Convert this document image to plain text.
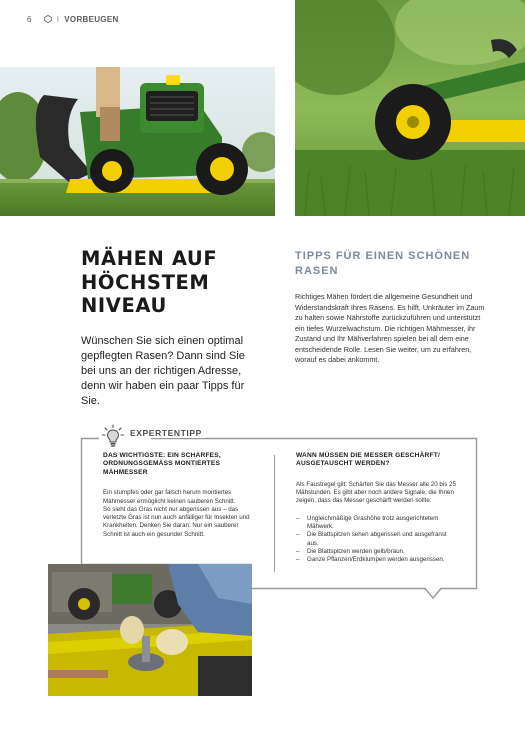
6	I VORBEUGEN
MÄHEN AUF
HÖCHSTEM
NIVEAU
Wünschen Sie sich einen optimal gepflegten Rasen? Dann sind Sie bei uns an der richtigen Adresse, denn wir haben ein paar Tipps für Sie.
TIPPS FÜR EINEN SCHÖNEN RASEN
Richtiges Mähen fördert die allgemeine Gesundheit und Widerstandskraft Ihres Rasens. Es hilft, Unkräuter im Zaum zu halten sowie Nährstoffe zurückzuführen und unterstützt ein tiefes Wurzelwachstum. Die richtigen Mähmesser, ihr Zustand und Ihr Mähverfahren spielen bei all dem eine entscheidende Rolle. Lesen Sie weiter, um zu erfahren, worauf es dabei ankommt.
EXPERTENTIPP
DAS WICHTIGSTE: EIN SCHARFES, ORDNUNGSGEMÄSS MONTIERTES MÄHMESSER
Ein stumpfes oder gar falsch herum montiertes Mähmesser ermöglicht keinen sauberen Schnitt.
So sieht das Gras nicht nur abgerissen aus – das verletzte Gras ist nun auch anfälliger für Insekten und Krankheiten. Denken Sie daran: Nur ein sauberer Schnitt ist auch ein gesunder Schnitt.
WANN MÜSSEN DIE MESSER GESCHÄRFT/ AUSGETAUSCHT WERDEN?
Als Faustregel gilt: Schärfen Sie das Messer alle 20 bis 25 Mähstunden. Es gibt aber noch andere Signale, die Ihnen zeigen, dass das Messer geschärft werden sollte:
– Ungleichmäßige Grashöhe trotz ausgerichtetem Mähwerk.
– Die Blattspitzen sehen abgerissen und ausgefranst aus.
– Die Blattspitzen werden gelb/braun.
– Ganze Pflanzen/Erdklumpen werden ausgerissen.
